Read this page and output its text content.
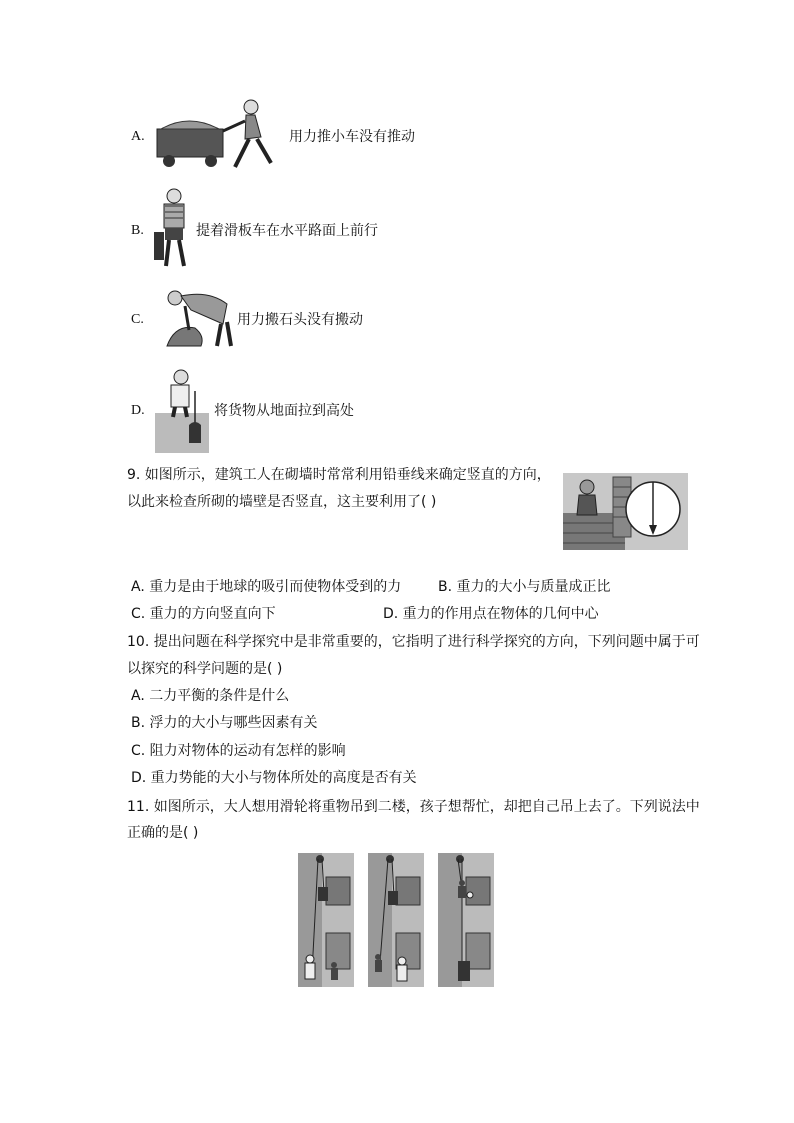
A.	用力推小车没有推动
B.	提着滑板车在水平路面上前行
C.	用力搬石头没有搬动
D.	将货物从地面拉到高处
9. 如图所示，建筑工人在砌墙时常常利用铅垂线来确定竖直的方向，
以此来检查所砌的墙壁是否竖直，这主要利用了( )
A. 重力是由于地球的吸引而使物体受到的力	B. 重力的大小与质量成正比
C. 重力的方向竖直向下	D. 重力的作用点在物体的几何中心
10. 提出问题在科学探究中是非常重要的，它指明了进行科学探究的方向，下列问题中属于可
以探究的科学问题的是( )
A. 二力平衡的条件是什么
B. 浮力的大小与哪些因素有关
C. 阻力对物体的运动有怎样的影响
D. 重力势能的大小与物体所处的高度是否有关
11. 如图所示，大人想用滑轮将重物吊到二楼，孩子想帮忙，却把自己吊上去了。下列说法中
正确的是( )
